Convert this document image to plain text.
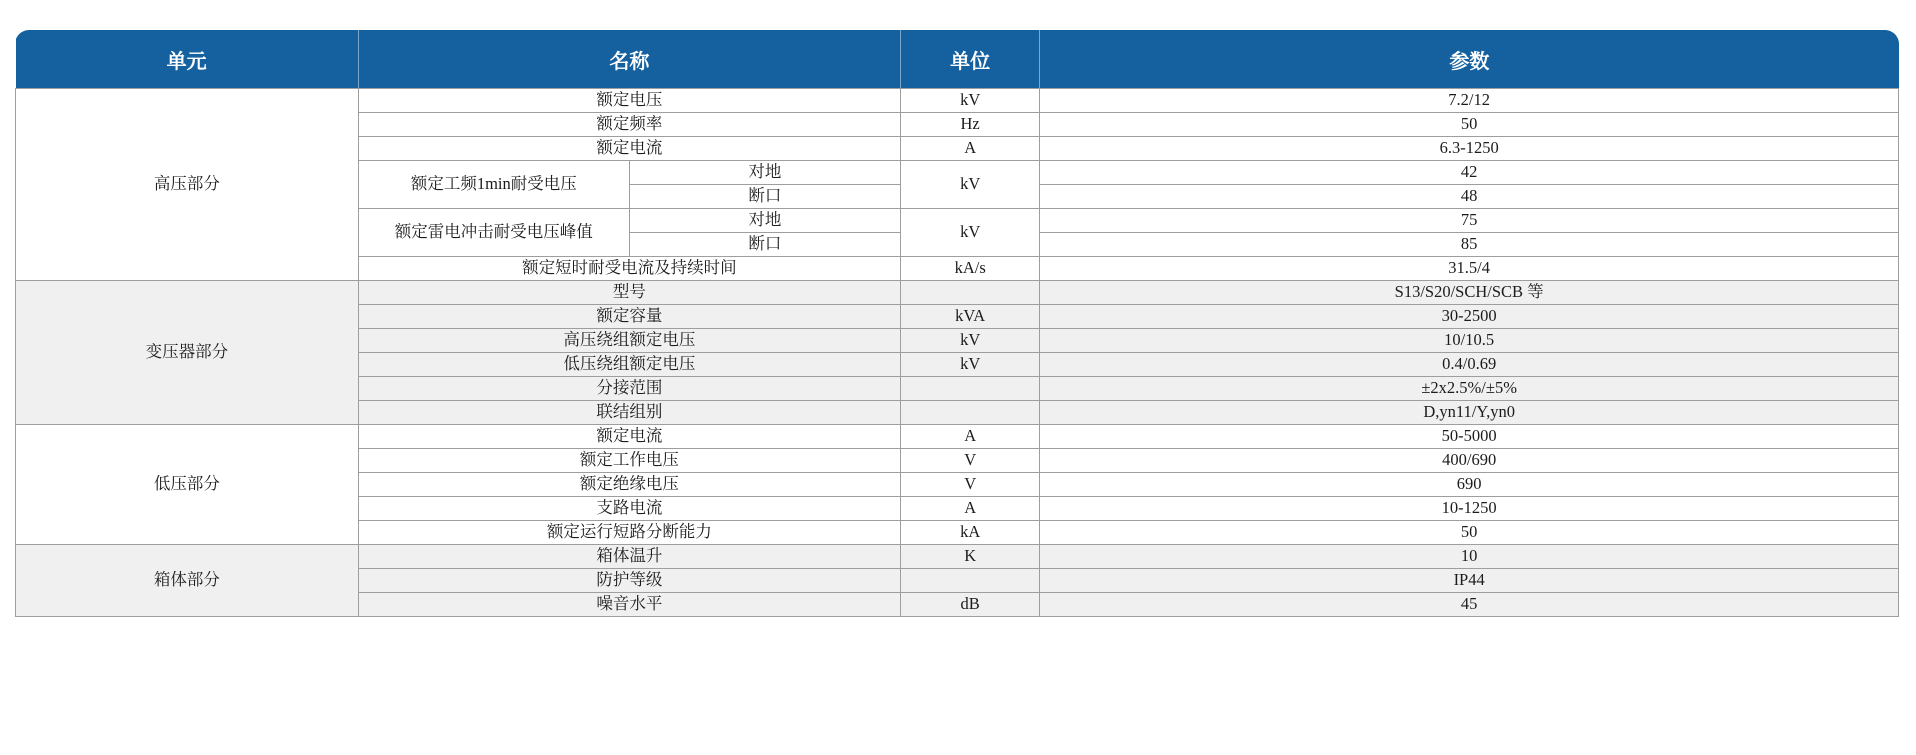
单元	名称		单位	参数
高压部分	额定电压		kV	7.2/12
	额定频率		Hz	50
	额定电流		A	6.3-1250
	额定工频1min耐受电压	对地	kV	42
		断口		48
	额定雷电冲击耐受电压峰值	对地	kV	75
		断口		85
	额定短时耐受电流及持续时间		kA/s	31.5/4
变压器部分	型号			S13/S20/SCH/SCB 等
	额定容量		kVA	30-2500
	高压绕组额定电压		kV	10/10.5
	低压绕组额定电压		kV	0.4/0.69
	分接范围			±2x2.5%/±5%
	联结组别			D,yn11/Y,yn0
低压部分	额定电流		A	50-5000
	额定工作电压		V	400/690
	额定绝缘电压		V	690
	支路电流		A	10-1250
	额定运行短路分断能力		kA	50
箱体部分	箱体温升		K	10
	防护等级			IP44
	噪音水平		dB	45
